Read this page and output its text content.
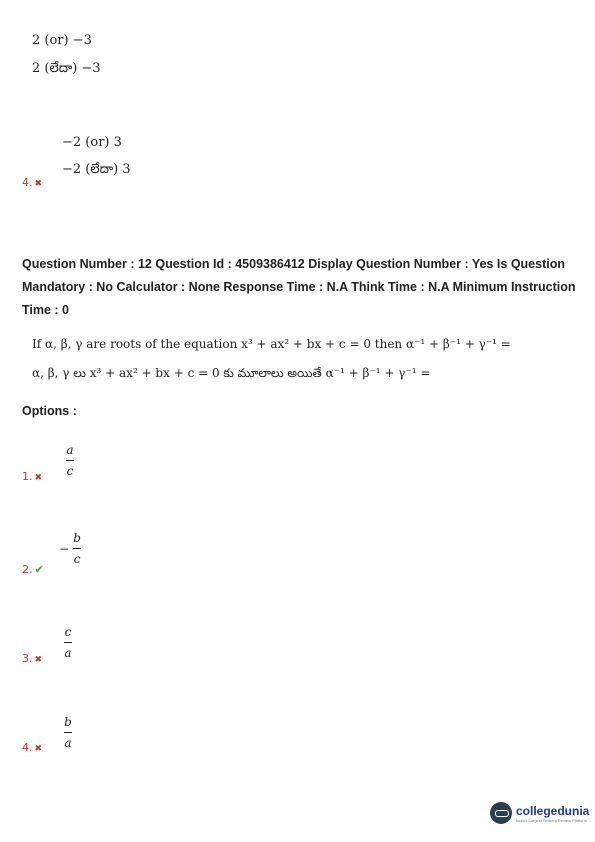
2 (or) −3
2 (లేదా) −3
−2 (or) 3
−2 (లేదా) 3
4. ✖
Question Number : 12 Question Id : 4509386412 Display Question Number : Yes Is Question Mandatory : No Calculator : None Response Time : N.A Think Time : N.A Minimum Instruction Time : 0
If α, β, γ are roots of the equation x³ + ax² + bx + c = 0 then α⁻¹ + β⁻¹ + γ⁻¹ =
α, β, γ లు x³ + ax² + bx + c = 0 కు మూలాలు అయితే α⁻¹ + β⁻¹ + γ⁻¹ =
Options :
$\frac{a}{c}$
1. ✖
− $\frac{b}{c}$
2. ✔
$\frac{c}{a}$
3. ✖
$\frac{b}{a}$
4. ✖
collegedunia
India's Largest Student Review Platform
